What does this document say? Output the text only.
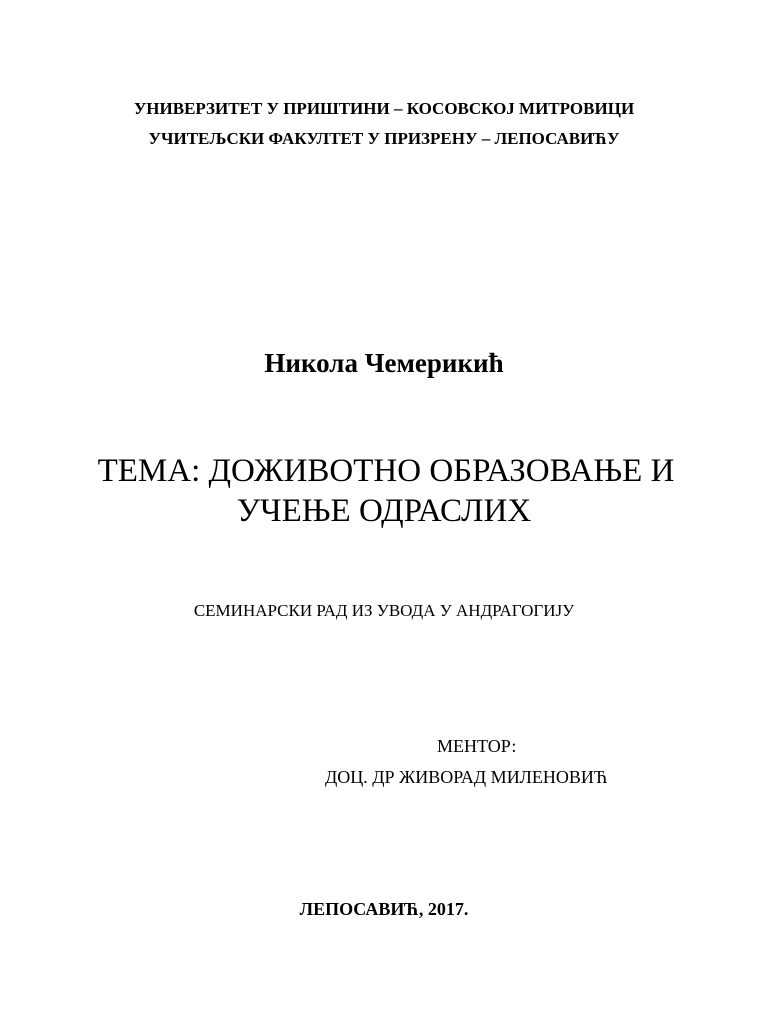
УНИВЕРЗИТЕТ У ПРИШТИНИ – КОСОВСКОЈ МИТРОВИЦИ
УЧИТЕЉСКИ ФАКУЛТЕТ У ПРИЗРЕНУ – ЛЕПОСАВИЋУ
Никола Чемерикић
ТЕМА: ДОЖИВОТНО ОБРАЗОВАЊЕ И
УЧЕЊЕ ОДРАСЛИХ
СЕМИНАРСКИ РАД ИЗ УВОДА У АНДРАГОГИЈУ
МЕНТОР:
ДОЦ. ДР ЖИВОРАД МИЛЕНОВИЋ
ЛЕПОСАВИЋ, 2017.
